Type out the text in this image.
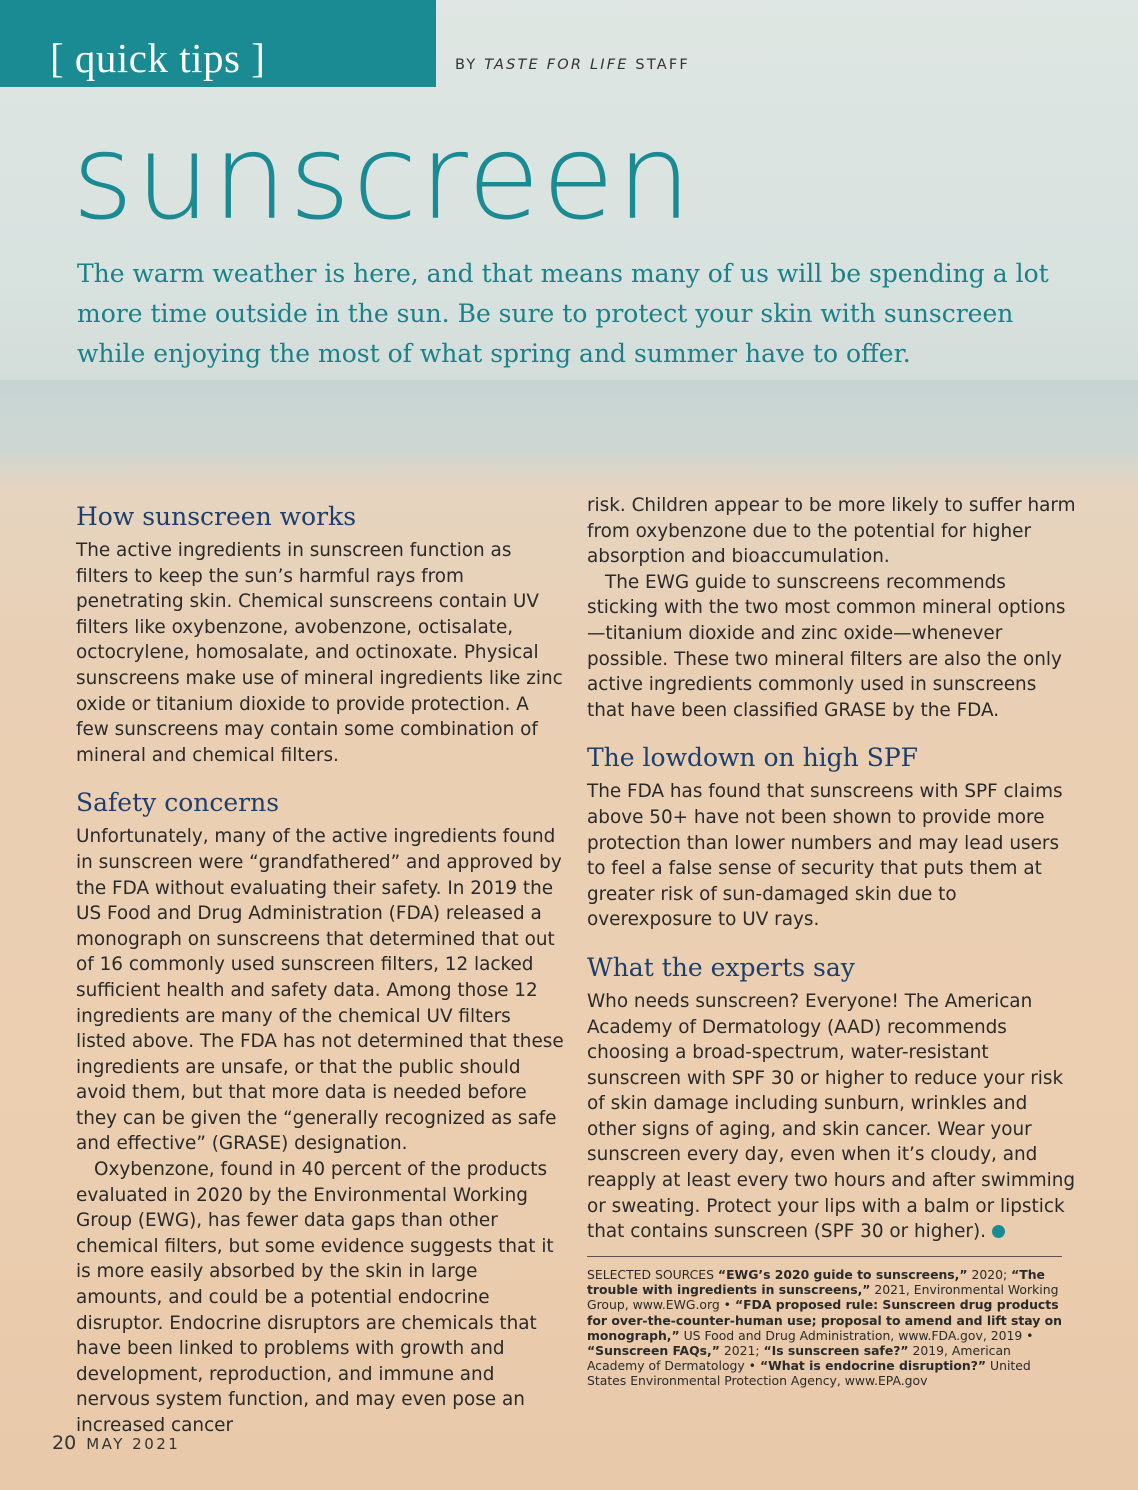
[ quick tips ]	BY TASTE FOR LIFE STAFF
sunscreen
The warm weather is here, and that means many of us will be spending a lot more time outside in the sun. Be sure to protect your skin with sunscreen while enjoying the most of what spring and summer have to offer.
How sunscreen works

The active ingredients in sunscreen function as filters to keep the sun’s harmful rays from penetrating skin. Chemical sunscreens contain UV filters like oxybenzone, avobenzone, octisalate, octocrylene, homosalate, and octinoxate. Physical sunscreens make use of mineral ingredients like zinc oxide or titanium dioxide to provide protection. A few sunscreens may contain some combination of mineral and chemical filters.

Safety concerns

Unfortunately, many of the active ingredients found in sunscreen were “grandfathered” and approved by the FDA without evaluating their safety. In 2019 the US Food and Drug Administration (FDA) released a monograph on sunscreens that determined that out of 16 commonly used sunscreen filters, 12 lacked sufficient health and safety data. Among those 12 ingredients are many of the chemical UV filters listed above. The FDA has not determined that these ingredients are unsafe, or that the public should avoid them, but that more data is needed before they can be given the “generally recognized as safe and effective” (GRASE) designation.

Oxybenzone, found in 40 percent of the products evaluated in 2020 by the Environmental Working Group (EWG), has fewer data gaps than other chemical filters, but some evidence suggests that it is more easily absorbed by the skin in large amounts, and could be a potential endocrine disruptor. Endocrine disruptors are chemicals that have been linked to problems with growth and development, reproduction, and immune and nervous system function, and may even pose an increased cancer

risk. Children appear to be more likely to suffer harm from oxybenzone due to the potential for higher absorption and bioaccumulation.

The EWG guide to sunscreens recommends sticking with the two most common mineral options—titanium dioxide and zinc oxide—whenever possible. These two mineral filters are also the only active ingredients commonly used in sunscreens that have been classified GRASE by the FDA.

The lowdown on high SPF

The FDA has found that sunscreens with SPF claims above 50+ have not been shown to provide more protection than lower numbers and may lead users to feel a false sense of security that puts them at greater risk of sun-damaged skin due to overexposure to UV rays.

What the experts say

Who needs sunscreen? Everyone! The American Academy of Dermatology (AAD) recommends choosing a broad-spectrum, water-resistant sunscreen with SPF 30 or higher to reduce your risk of skin damage including sunburn, wrinkles and other signs of aging, and skin cancer. Wear your sunscreen every day, even when it’s cloudy, and reapply at least every two hours and after swimming or sweating. Protect your lips with a balm or lipstick that contains sunscreen (SPF 30 or higher).

SELECTED SOURCES “EWG’s 2020 guide to sunscreens,” 2020; “The trouble with ingredients in sunscreens,” 2021, Environmental Working Group, www.EWG.org • “FDA proposed rule: Sunscreen drug products for over-the-counter-human use; proposal to amend and lift stay on monograph,” US Food and Drug Administration, www.FDA.gov, 2019 • “Sunscreen FAQs,” 2021; “Is sunscreen safe?” 2019, American Academy of Dermatology • “What is endocrine disruption?” United States Environmental Protection Agency, www.EPA.gov
20 MAY 2021
